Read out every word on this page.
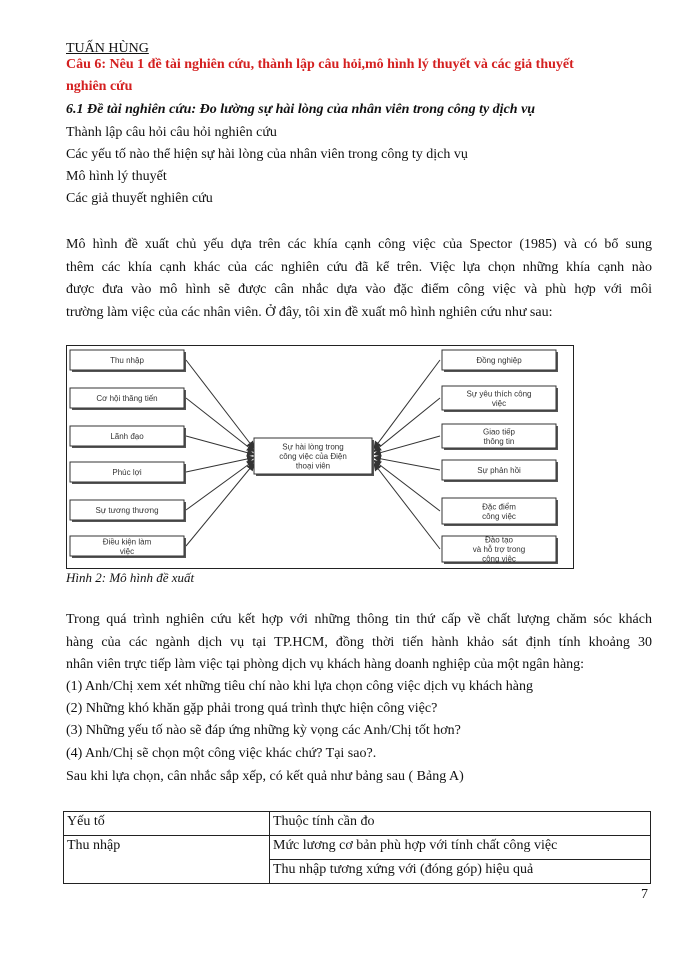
TUẤN HÙNG
Câu 6: Nêu 1 đề tài nghiên cứu, thành lập câu hỏi,mô hình lý thuyết và các giả thuyết
nghiên cứu
6.1 Đề tài nghiên cứu: Đo lường sự hài lòng của nhân viên trong công ty dịch vụ
Thành lập câu hỏi câu hỏi nghiên cứu
Các yếu tố nào thể hiện sự hài lòng của nhân viên trong công ty dịch vụ
Mô hình lý thuyết
Các giả thuyết nghiên cứu
Mô hình đề xuất chủ yếu dựa trên các khía cạnh công việc của Spector (1985) và có bổ sung
thêm các khía cạnh khác của các nghiên cứu đã kể trên. Việc lựa chọn những khía cạnh nào
được đưa vào mô hình sẽ được cân nhắc dựa vào đặc điểm công việc và phù hợp với môi
trường làm việc của các nhân viên. Ở đây, tôi xin đề xuất mô hình nghiên cứu như sau:
Thu nhập
Cơ hội thăng tiến
Lãnh đạo
Phúc lợi
Sự tương thương
Điều kiện làm
việc
Đồng nghiệp
Sự yêu thích công
việc
Giao tiếp
thông tin
Sự phản hồi
Đặc điểm
công việc
Đào tạo
và hỗ trợ trong
công việc
Sự hài lòng trong
công việc của Điện
thoại viên
Hình 2: Mô hình đề xuất
Trong quá trình nghiên cứu kết hợp với những thông tin thứ cấp về chất lượng chăm sóc khách
hàng của các ngành dịch vụ tại TP.HCM, đồng thời tiến hành khảo sát định tính khoảng 30
nhân viên trực tiếp làm việc tại phòng dịch vụ khách hàng doanh nghiệp của một ngân hàng:
(1) Anh/Chị xem xét những tiêu chí nào khi lựa chọn công việc dịch vụ khách hàng
(2) Những khó khăn gặp phải trong quá trình thực hiện công việc?
(3) Những yếu tố nào sẽ đáp ứng những kỳ vọng các Anh/Chị tốt hơn?
(4) Anh/Chị sẽ chọn một công việc khác chứ? Tại sao?.
Sau khi lựa chọn, cân nhắc sắp xếp, có kết quả như bảng sau ( Bảng A)
Yếu tố	Thuộc tính cần đo
Thu nhập	Mức lương cơ bản phù hợp với tính chất công việc
	Thu nhập tương xứng với (đóng góp) hiệu quả
7
